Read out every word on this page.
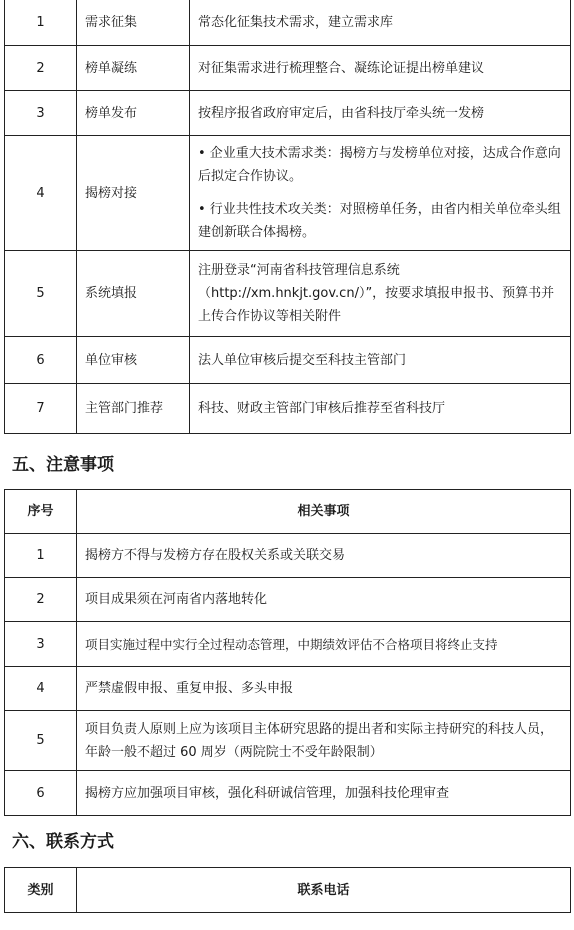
1	需求征集	常态化征集技术需求，建立需求库
2	榜单凝练	对征集需求进行梳理整合、凝练论证提出榜单建议
3	榜单发布	按程序报省政府审定后，由省科技厅牵头统一发榜
4	揭榜对接	• 企业重大技术需求类：揭榜方与发榜单位对接，达成合作意向后拟定合作协议。
• 行业共性技术攻关类：对照榜单任务，由省内相关单位牵头组建创新联合体揭榜。

5	系统填报	注册登录“河南省科技管理信息系统（http://xm.hnkjt.gov.cn/）”，按要求填报申报书、预算书并上传合作协议等相关附件
6	单位审核	法人单位审核后提交至科技主管部门
7	主管部门推荐	科技、财政主管部门审核后推荐至省科技厅
五、注意事项
序号	相关事项
1	揭榜方不得与发榜方存在股权关系或关联交易
2	项目成果须在河南省内落地转化
3	项目实施过程中实行全过程动态管理，中期绩效评估不合格项目将终止支持
4	严禁虚假申报、重复申报、多头申报
5	项目负责人原则上应为该项目主体研究思路的提出者和实际主持研究的科技人员，年龄一般不超过 60 周岁（两院院士不受年龄限制）
6	揭榜方应加强项目审核，强化科研诚信管理，加强科技伦理审查
六、联系方式
类别	联系电话
